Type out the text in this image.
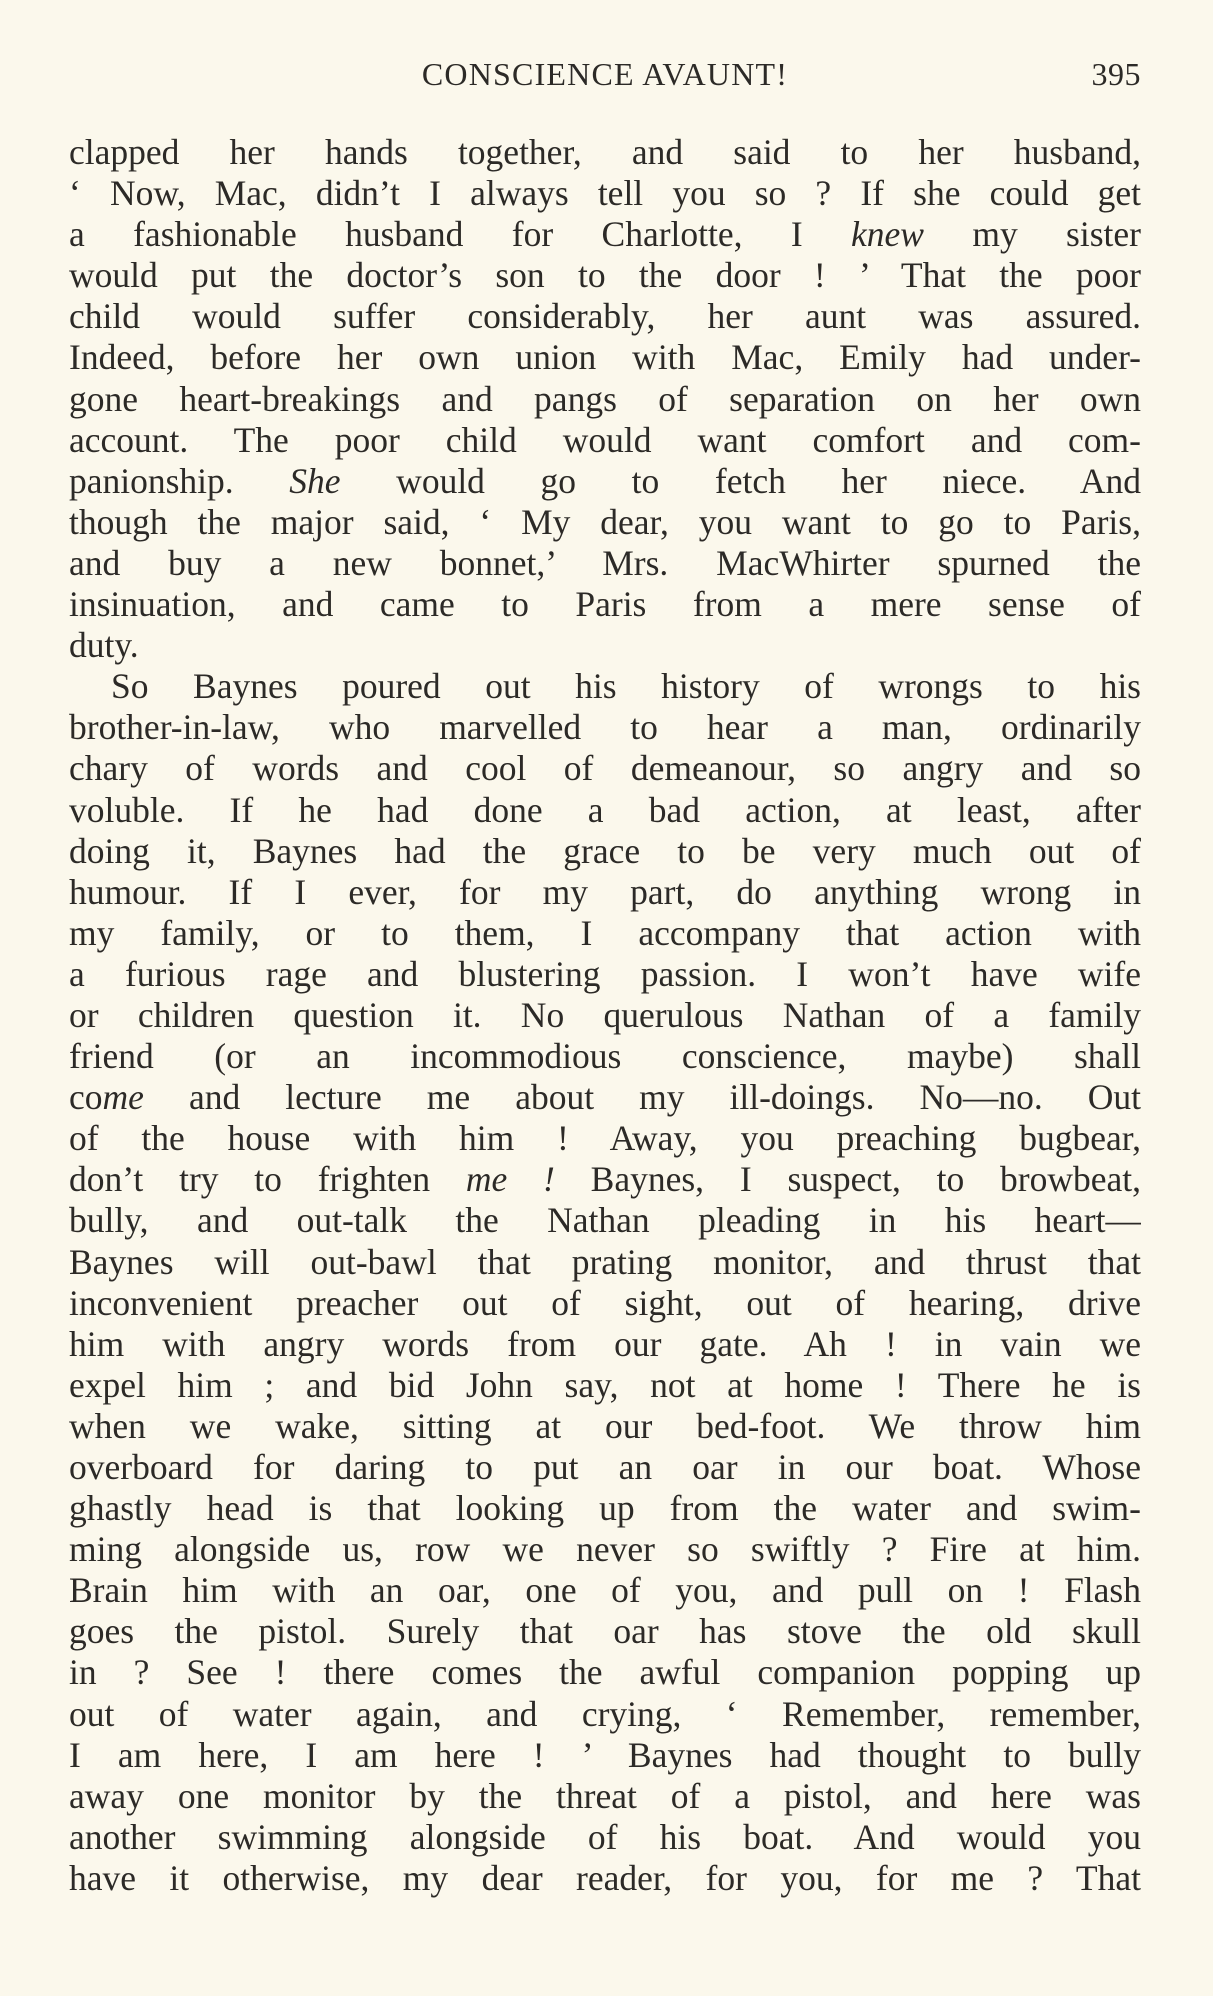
CONSCIENCE AVAUNT!	395
clapped her hands together, and said to her husband,
‘ Now, Mac, didn’t I always tell you so ? If she could get
a fashionable husband for Charlotte, I knew my sister
would put the doctor’s son to the door ! ’ That the poor
child would suffer considerably, her aunt was assured.
Indeed, before her own union with Mac, Emily had under-
gone heart-breakings and pangs of separation on her own
account. The poor child would want comfort and com-
panionship. She would go to fetch her niece. And
though the major said, ‘ My dear, you want to go to Paris,
and buy a new bonnet,’ Mrs. MacWhirter spurned the
insinuation, and came to Paris from a mere sense of
duty.
So Baynes poured out his history of wrongs to his
brother-in-law, who marvelled to hear a man, ordinarily
chary of words and cool of demeanour, so angry and so
voluble. If he had done a bad action, at least, after
doing it, Baynes had the grace to be very much out of
humour. If I ever, for my part, do anything wrong in
my family, or to them, I accompany that action with
a furious rage and blustering passion. I won’t have wife
or children question it. No querulous Nathan of a family
friend (or an incommodious conscience, maybe) shall
come and lecture me about my ill-doings. No—no. Out
of the house with him ! Away, you preaching bugbear,
don’t try to frighten me ! Baynes, I suspect, to browbeat,
bully, and out-talk the Nathan pleading in his heart—
Baynes will out-bawl that prating monitor, and thrust that
inconvenient preacher out of sight, out of hearing, drive
him with angry words from our gate. Ah ! in vain we
expel him ; and bid John say, not at home ! There he is
when we wake, sitting at our bed-foot. We throw him
overboard for daring to put an oar in our boat. Whose
ghastly head is that looking up from the water and swim-
ming alongside us, row we never so swiftly ? Fire at him.
Brain him with an oar, one of you, and pull on ! Flash
goes the pistol. Surely that oar has stove the old skull
in ? See ! there comes the awful companion popping up
out of water again, and crying, ‘ Remember, remember,
I am here, I am here ! ’ Baynes had thought to bully
away one monitor by the threat of a pistol, and here was
another swimming alongside of his boat. And would you
have it otherwise, my dear reader, for you, for me ? That
